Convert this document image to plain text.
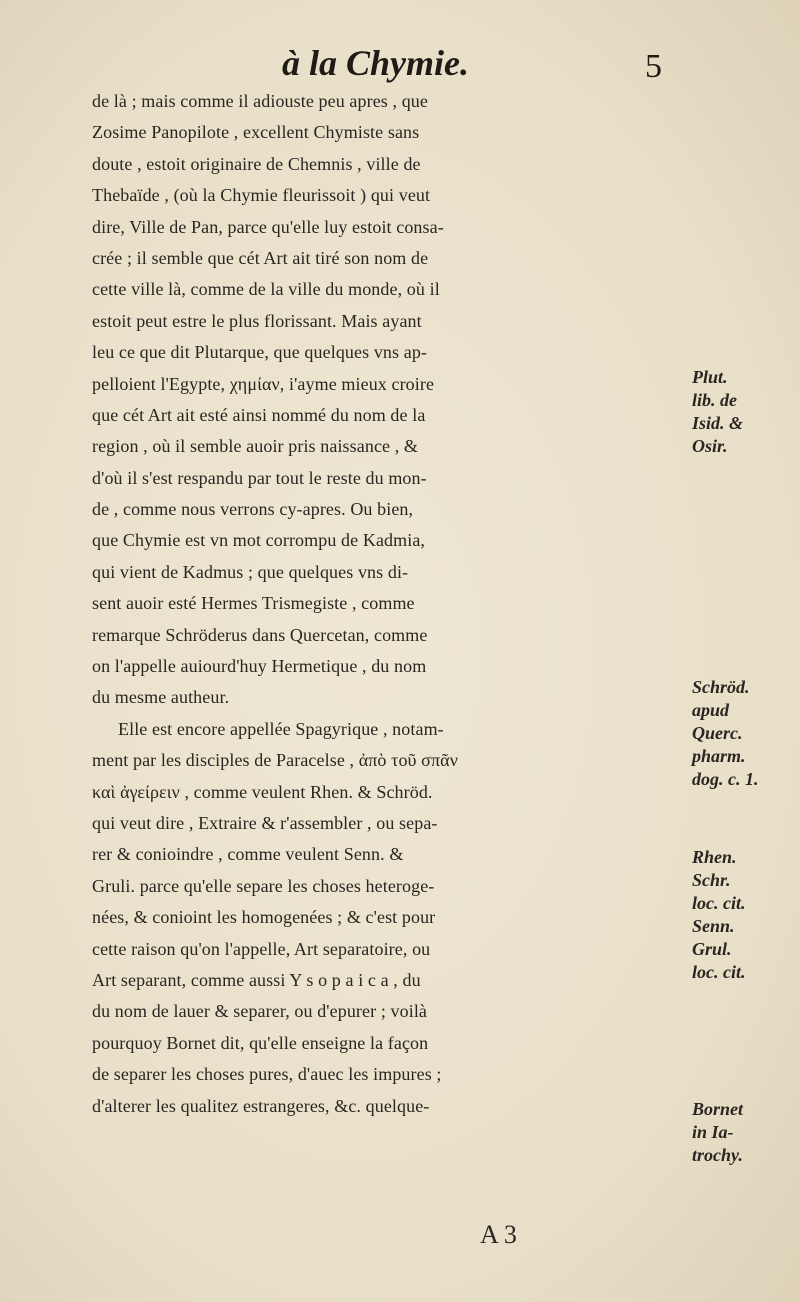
à la Chymie.	5
de là ; mais comme il adiouste peu apres , que
Zosime Panopilote , excellent Chymiste sans
doute , estoit originaire de Chemnis , ville de
Thebaïde , (où la Chymie fleurissoit ) qui veut
dire, Ville de Pan, parce qu'elle luy estoit consa-
crée ; il semble que cét Art ait tiré son nom de
cette ville là, comme de la ville du monde, où il
estoit peut estre le plus florissant. Mais ayant
leu ce que dit Plutarque, que quelques vns ap-
pelloient l'Egypte, χημίαν, i'ayme mieux croire
que cét Art ait esté ainsi nommé du nom de la
region , où il semble auoir pris naissance , &
d'où il s'est respandu par tout le reste du mon-
de , comme nous verrons cy-apres. Ou bien,
que Chymie est vn mot corrompu de Kadmia,
qui vient de Kadmus ; que quelques vns di-
sent auoir esté Hermes Trismegiste , comme
remarque Schröderus dans Quercetan, comme
on l'appelle auiourd'huy Hermetique , du nom
du mesme autheur.
Elle est encore appellée Spagyrique , notam-
ment par les disciples de Paracelse , ἀπὸ τοῦ σπᾶν
καὶ ἀγείρειν , comme veulent Rhen. & Schröd.
qui veut dire , Extraire & r'assembler , ou sepa-
rer & conioindre , comme veulent Senn. &
Gruli. parce qu'elle separe les choses heteroge-
nées, & conioint les homogenées ; & c'est pour
cette raison qu'on l'appelle, Art separatoire, ou
Art separant, comme aussi Y s o p a i c a , du
du nom de lauer & separer, ou d'epurer ; voilà
pourquoy Bornet dit, qu'elle enseigne la façon
de separer les choses pures, d'auec les impures ;
d'alterer les qualitez estrangeres, &c. quelque-
Plut.
lib. de
Isid. &
Osir.
Schröd.
apud
Querc.
pharm.
dog. c. 1.
Rhen.
Schr.
loc. cit.
Senn.
Grul.
loc. cit.
Bornet
in Ia-
trochy.
A 3
